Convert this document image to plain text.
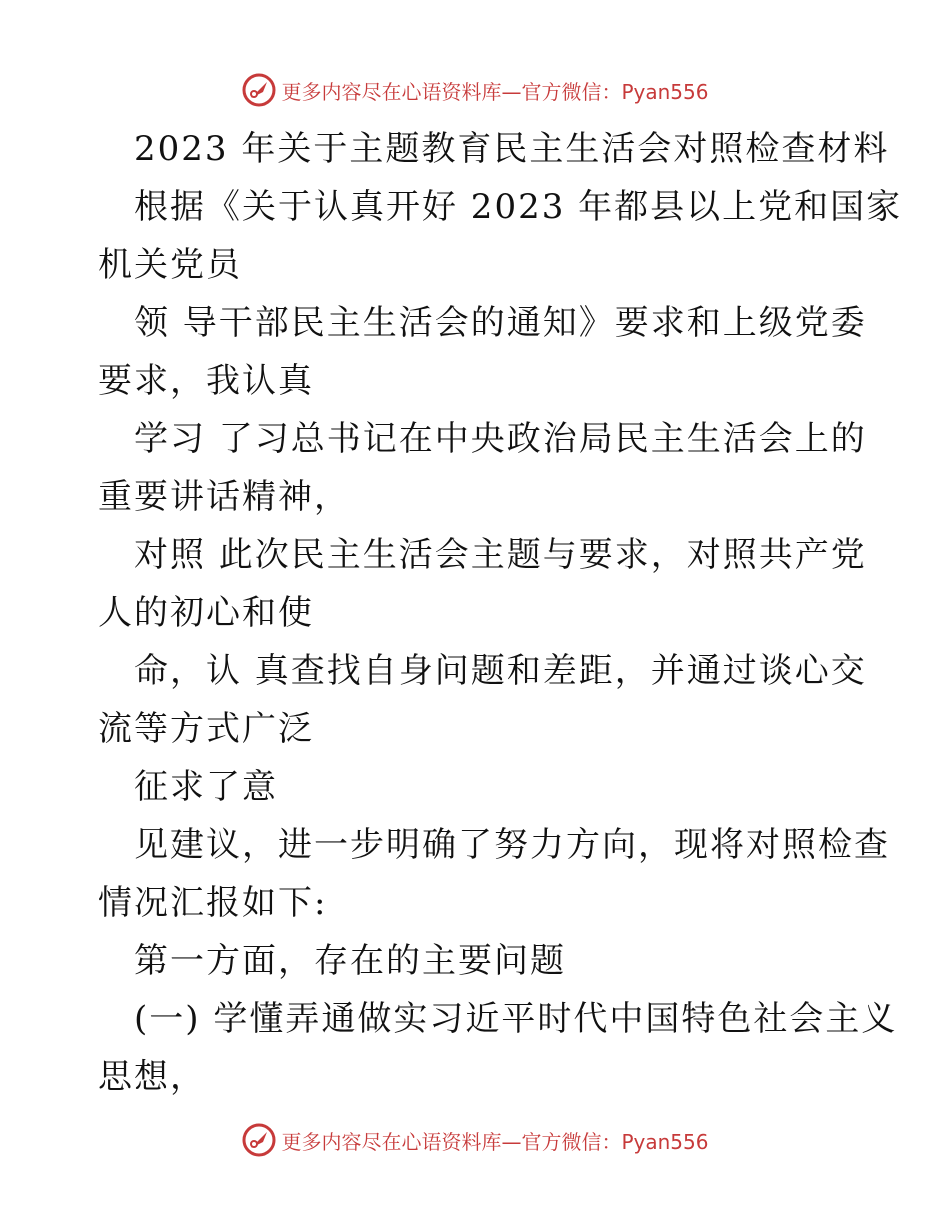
更多内容尽在心语资料库—官方微信：Pyan556
2023 年关于主题教育民主生活会对照检查材料
根据《关于认真开好 2023 年都县以上党和国家
机关党员
领 导干部民主生活会的通知》要求和上级党委
要求，我认真
学习 了习总书记在中央政治局民主生活会上的
重要讲话精神，
对照 此次民主生活会主题与要求，对照共产党
人的初心和使
命，认 真查找自身问题和差距，并通过谈心交
流等方式广泛
征求了意
见建议，进一步明确了努力方向，现将对照检查
情况汇报如下:
第一方面，存在的主要问题
(一) 学懂弄通做实习近平时代中国特色社会主义
思想，
更多内容尽在心语资料库—官方微信：Pyan556
